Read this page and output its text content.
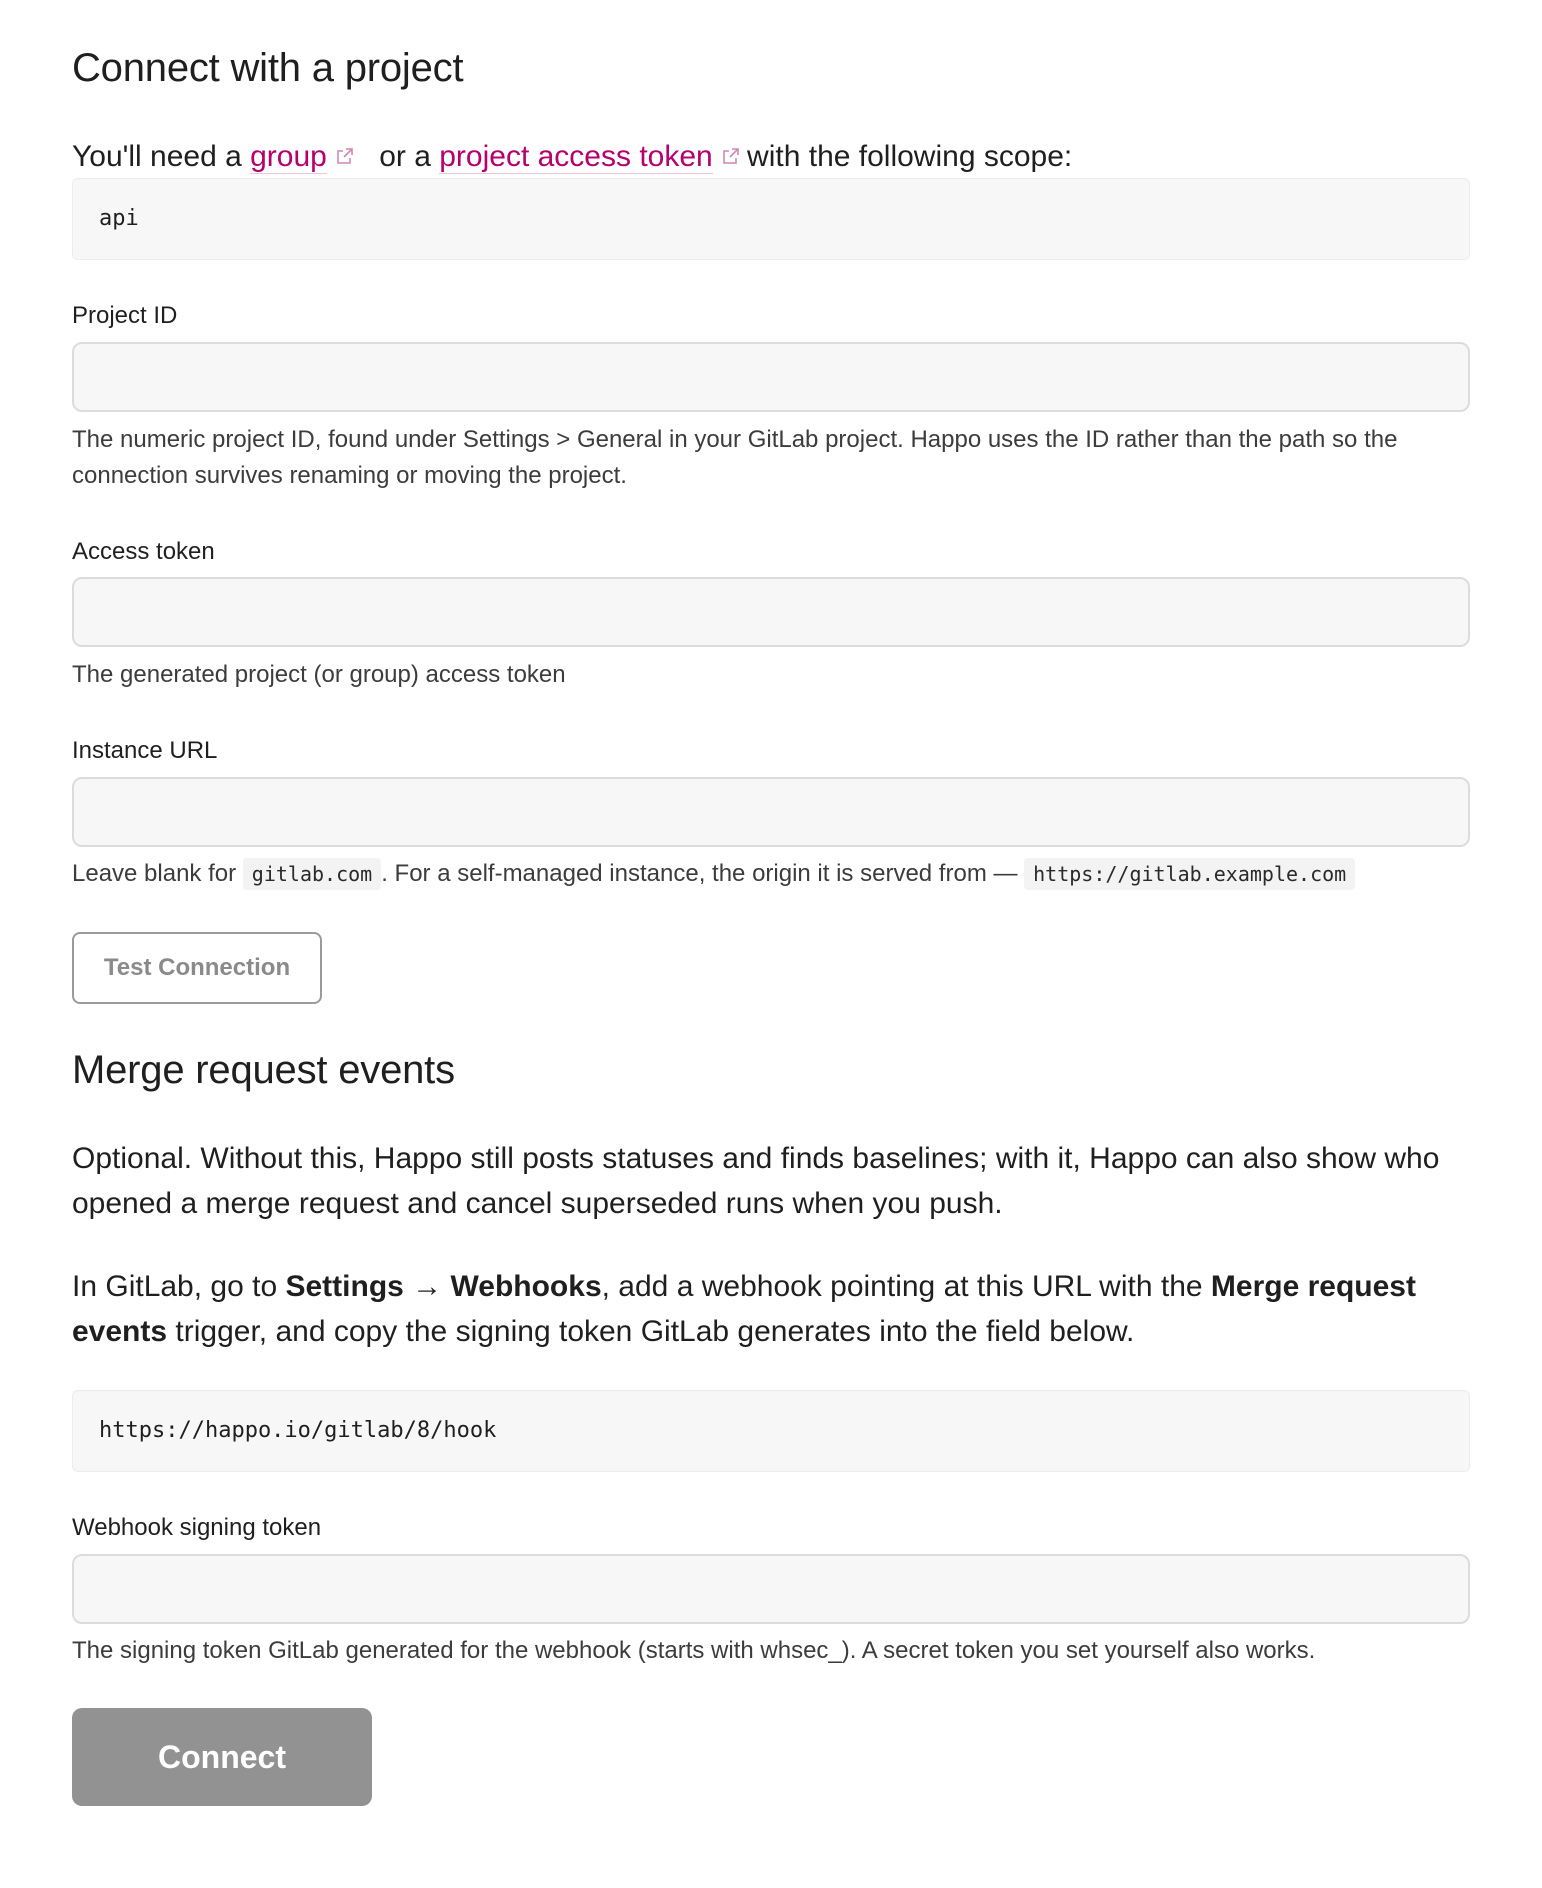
Connect with a project
You'll need a group or a project access token with the following scope:
api
Project ID
The numeric project ID, found under Settings > General in your GitLab project. Happo uses the ID rather than the path so the connection survives renaming or moving the project.
Access token
The generated project (or group) access token
Instance URL
Leave blank for gitlab.com . For a self-managed instance, the origin it is served from — https://gitlab.example.com
Test Connection
Merge request events
Optional. Without this, Happo still posts statuses and finds baselines; with it, Happo can also show who opened a merge request and cancel superseded runs when you push.
In GitLab, go to Settings → Webhooks, add a webhook pointing at this URL with the Merge request events trigger, and copy the signing token GitLab generates into the field below.
https://happo.io/gitlab/8/hook
Webhook signing token
The signing token GitLab generated for the webhook (starts with whsec_). A secret token you set yourself also works.
Connect
